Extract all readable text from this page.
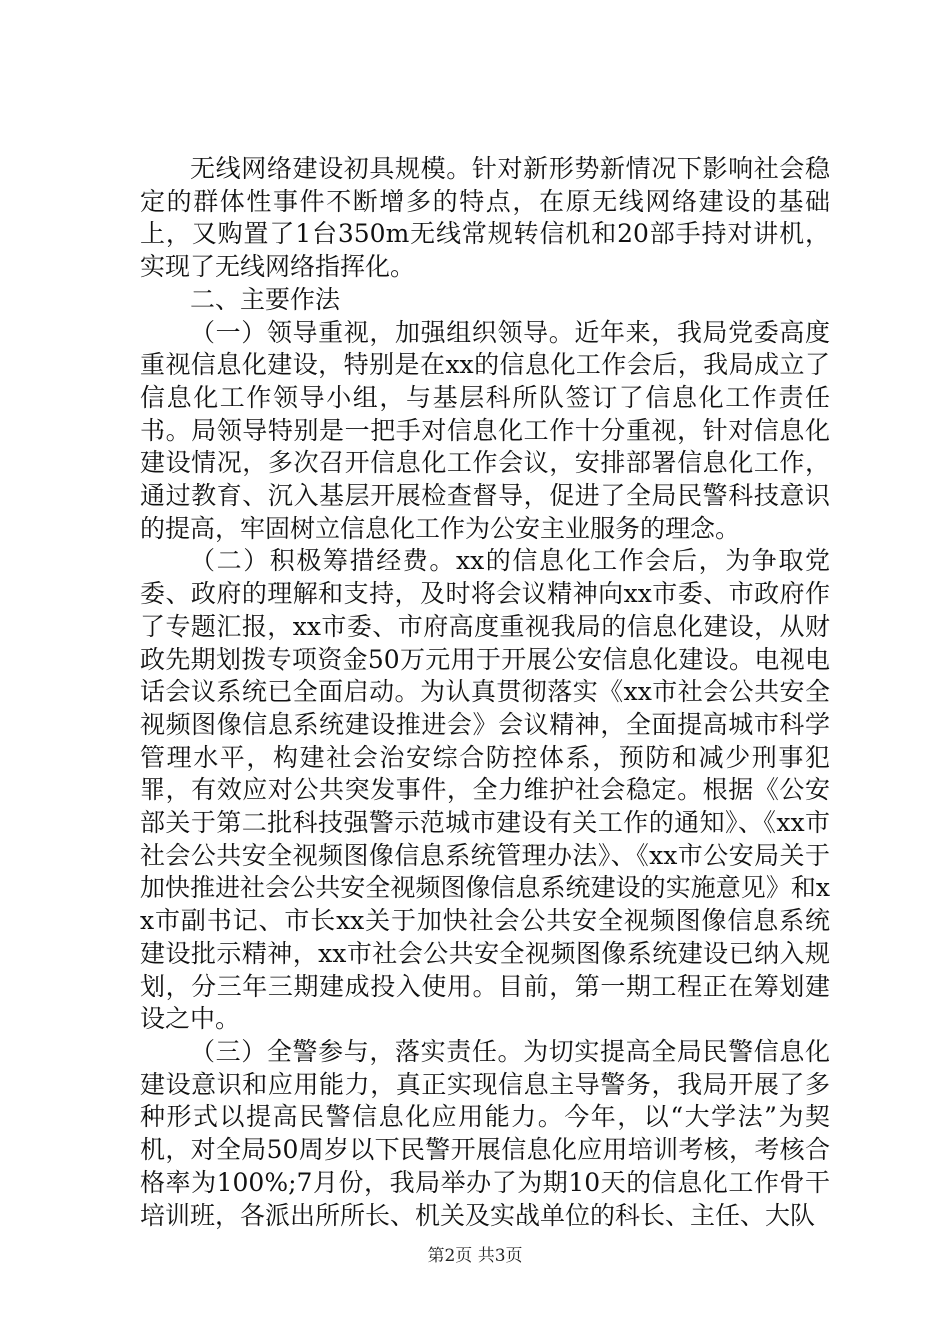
无线网络建设初具规模。针对新形势新情况下影响社会稳定的群体性事件不断增多的特点，在原无线网络建设的基础上，又购置了1台350m无线常规转信机和20部手持对讲机，实现了无线网络指挥化。

二、主要作法

（一）领导重视，加强组织领导。近年来，我局党委高度重视信息化建设，特别是在xx的信息化工作会后，我局成立了信息化工作领导小组，与基层科所队签订了信息化工作责任书。局领导特别是一把手对信息化工作十分重视，针对信息化建设情况，多次召开信息化工作会议，安排部署信息化工作，通过教育、沉入基层开展检查督导，促进了全局民警科技意识的提高，牢固树立信息化工作为公安主业服务的理念。

（二）积极筹措经费。xx的信息化工作会后，为争取党委、政府的理解和支持，及时将会议精神向xx市委、市政府作了专题汇报，xx市委、市府高度重视我局的信息化建设，从财政先期划拨专项资金50万元用于开展公安信息化建设。电视电话会议系统已全面启动。为认真贯彻落实《xx市社会公共安全视频图像信息系统建设推进会》会议精神，全面提高城市科学管理水平，构建社会治安综合防控体系，预防和减少刑事犯罪，有效应对公共突发事件，全力维护社会稳定。根据《公安部关于第二批科技强警示范城市建设有关工作的通知》、《xx市社会公共安全视频图像信息系统管理办法》、《xx市公安局关于加快推进社会公共安全视频图像信息系统建设的实施意见》和xx市副书记、市长xx关于加快社会公共安全视频图像信息系统建设批示精神，xx市社会公共安全视频图像系统建设已纳入规划，分三年三期建成投入使用。目前，第一期工程正在筹划建设之中。

（三）全警参与，落实责任。为切实提高全局民警信息化建设意识和应用能力，真正实现信息主导警务，我局开展了多种形式以提高民警信息化应用能力。今年，以“大学法”为契机，对全局50周岁以下民警开展信息化应用培训考核，考核合格率为100%;7月份，我局举办了为期10天的信息化工作骨干培训班，各派出所所长、机关及实战单位的科长、主任、大队

第2页 共3页
